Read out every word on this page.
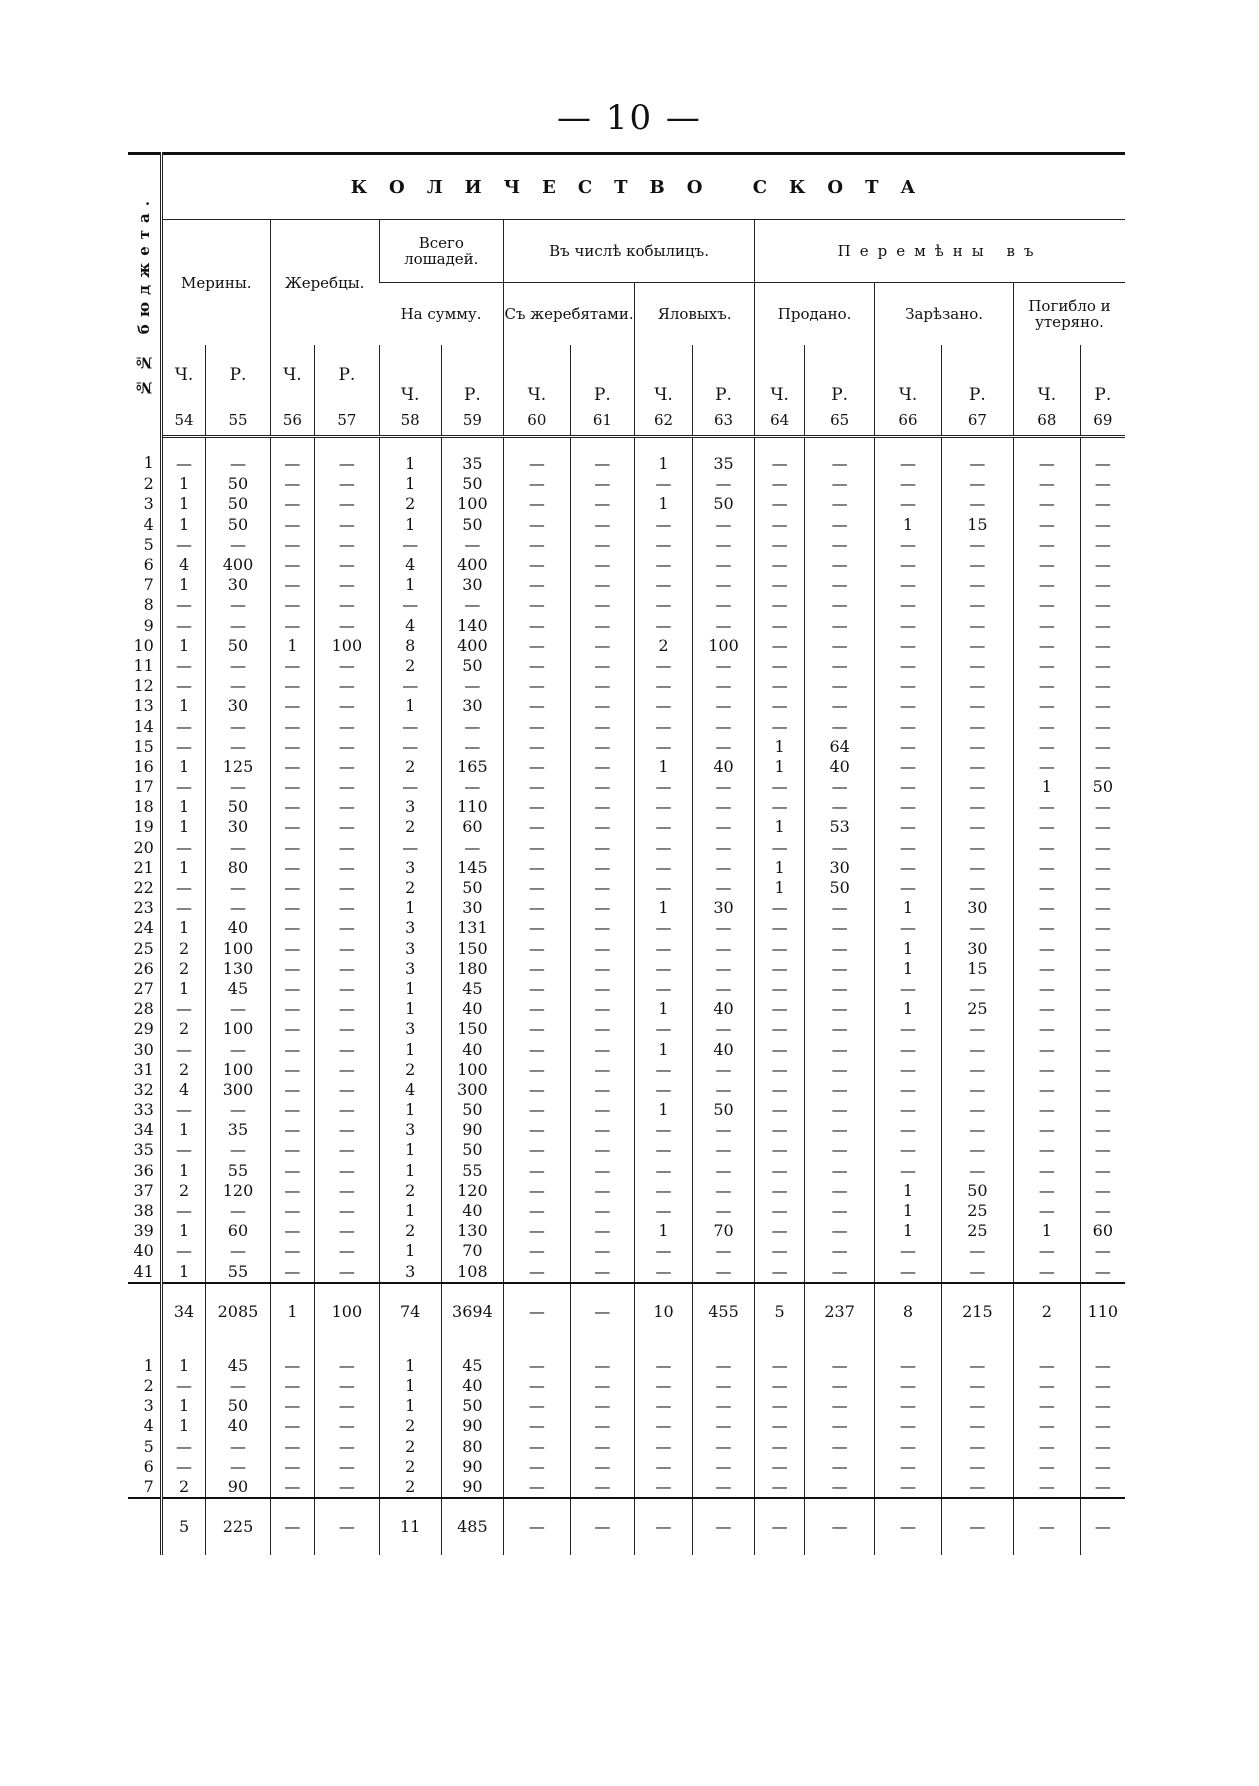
— 10 —
№№ бюджета.	КОЛИЧЕСТВО СКОТА															
	Мерины.		Жеребцы.		Всего лошадей.		Въ числѣ кобылицъ.				Перемѣны въ					
					На сумму.		Съ жеребятами.		Яловыхъ.		Продано.		Зарѣзано.		Погибло и утеряно.	
	Ч.	Р.	Ч.	Р.	Ч.	Р.	Ч.	Р.	Ч.	Р.	Ч.	Р.	Ч.	Р.	Ч.	Р.
	54	55	56	57	58	59	60	61	62	63	64	65	66	67	68	69
1	—	—	—	—	1	35	—	—	1	35	—	—	—	—	—	—
2	1	50	—	—	1	50	—	—	—	—	—	—	—	—	—	—
3	1	50	—	—	2	100	—	—	1	50	—	—	—	—	—	—
4	1	50	—	—	1	50	—	—	—	—	—	—	1	15	—	—
5	—	—	—	—	—	—	—	—	—	—	—	—	—	—	—	—
6	4	400	—	—	4	400	—	—	—	—	—	—	—	—	—	—
7	1	30	—	—	1	30	—	—	—	—	—	—	—	—	—	—
8	—	—	—	—	—	—	—	—	—	—	—	—	—	—	—	—
9	—	—	—	—	4	140	—	—	—	—	—	—	—	—	—	—
10	1	50	1	100	8	400	—	—	2	100	—	—	—	—	—	—
11	—	—	—	—	2	50	—	—	—	—	—	—	—	—	—	—
12	—	—	—	—	—	—	—	—	—	—	—	—	—	—	—	—
13	1	30	—	—	1	30	—	—	—	—	—	—	—	—	—	—
14	—	—	—	—	—	—	—	—	—	—	—	—	—	—	—	—
15	—	—	—	—	—	—	—	—	—	—	1	64	—	—	—	—
16	1	125	—	—	2	165	—	—	1	40	1	40	—	—	—	—
17	—	—	—	—	—	—	—	—	—	—	—	—	—	—	1	50
18	1	50	—	—	3	110	—	—	—	—	—	—	—	—	—	—
19	1	30	—	—	2	60	—	—	—	—	1	53	—	—	—	—
20	—	—	—	—	—	—	—	—	—	—	—	—	—	—	—	—
21	1	80	—	—	3	145	—	—	—	—	1	30	—	—	—	—
22	—	—	—	—	2	50	—	—	—	—	1	50	—	—	—	—
23	—	—	—	—	1	30	—	—	1	30	—	—	1	30	—	—
24	1	40	—	—	3	131	—	—	—	—	—	—	—	—	—	—
25	2	100	—	—	3	150	—	—	—	—	—	—	1	30	—	—
26	2	130	—	—	3	180	—	—	—	—	—	—	1	15	—	—
27	1	45	—	—	1	45	—	—	—	—	—	—	—	—	—	—
28	—	—	—	—	1	40	—	—	1	40	—	—	1	25	—	—
29	2	100	—	—	3	150	—	—	—	—	—	—	—	—	—	—
30	—	—	—	—	1	40	—	—	1	40	—	—	—	—	—	—
31	2	100	—	—	2	100	—	—	—	—	—	—	—	—	—	—
32	4	300	—	—	4	300	—	—	—	—	—	—	—	—	—	—
33	—	—	—	—	1	50	—	—	1	50	—	—	—	—	—	—
34	1	35	—	—	3	90	—	—	—	—	—	—	—	—	—	—
35	—	—	—	—	1	50	—	—	—	—	—	—	—	—	—	—
36	1	55	—	—	1	55	—	—	—	—	—	—	—	—	—	—
37	2	120	—	—	2	120	—	—	—	—	—	—	1	50	—	—
38	—	—	—	—	1	40	—	—	—	—	—	—	1	25	—	—
39	1	60	—	—	2	130	—	—	1	70	—	—	1	25	1	60
40	—	—	—	—	1	70	—	—	—	—	—	—	—	—	—	—
41	1	55	—	—	3	108	—	—	—	—	—	—	—	—	—	—
	34	2085	1	100	74	3694	—	—	10	455	5	237	8	215	2	110
1	1	45	—	—	1	45	—	—	—	—	—	—	—	—	—	—
2	—	—	—	—	1	40	—	—	—	—	—	—	—	—	—	—
3	1	50	—	—	1	50	—	—	—	—	—	—	—	—	—	—
4	1	40	—	—	2	90	—	—	—	—	—	—	—	—	—	—
5	—	—	—	—	2	80	—	—	—	—	—	—	—	—	—	—
6	—	—	—	—	2	90	—	—	—	—	—	—	—	—	—	—
7	2	90	—	—	2	90	—	—	—	—	—	—	—	—	—	—
	5	225	—	—	11	485	—	—	—	—	—	—	—	—	—	—
